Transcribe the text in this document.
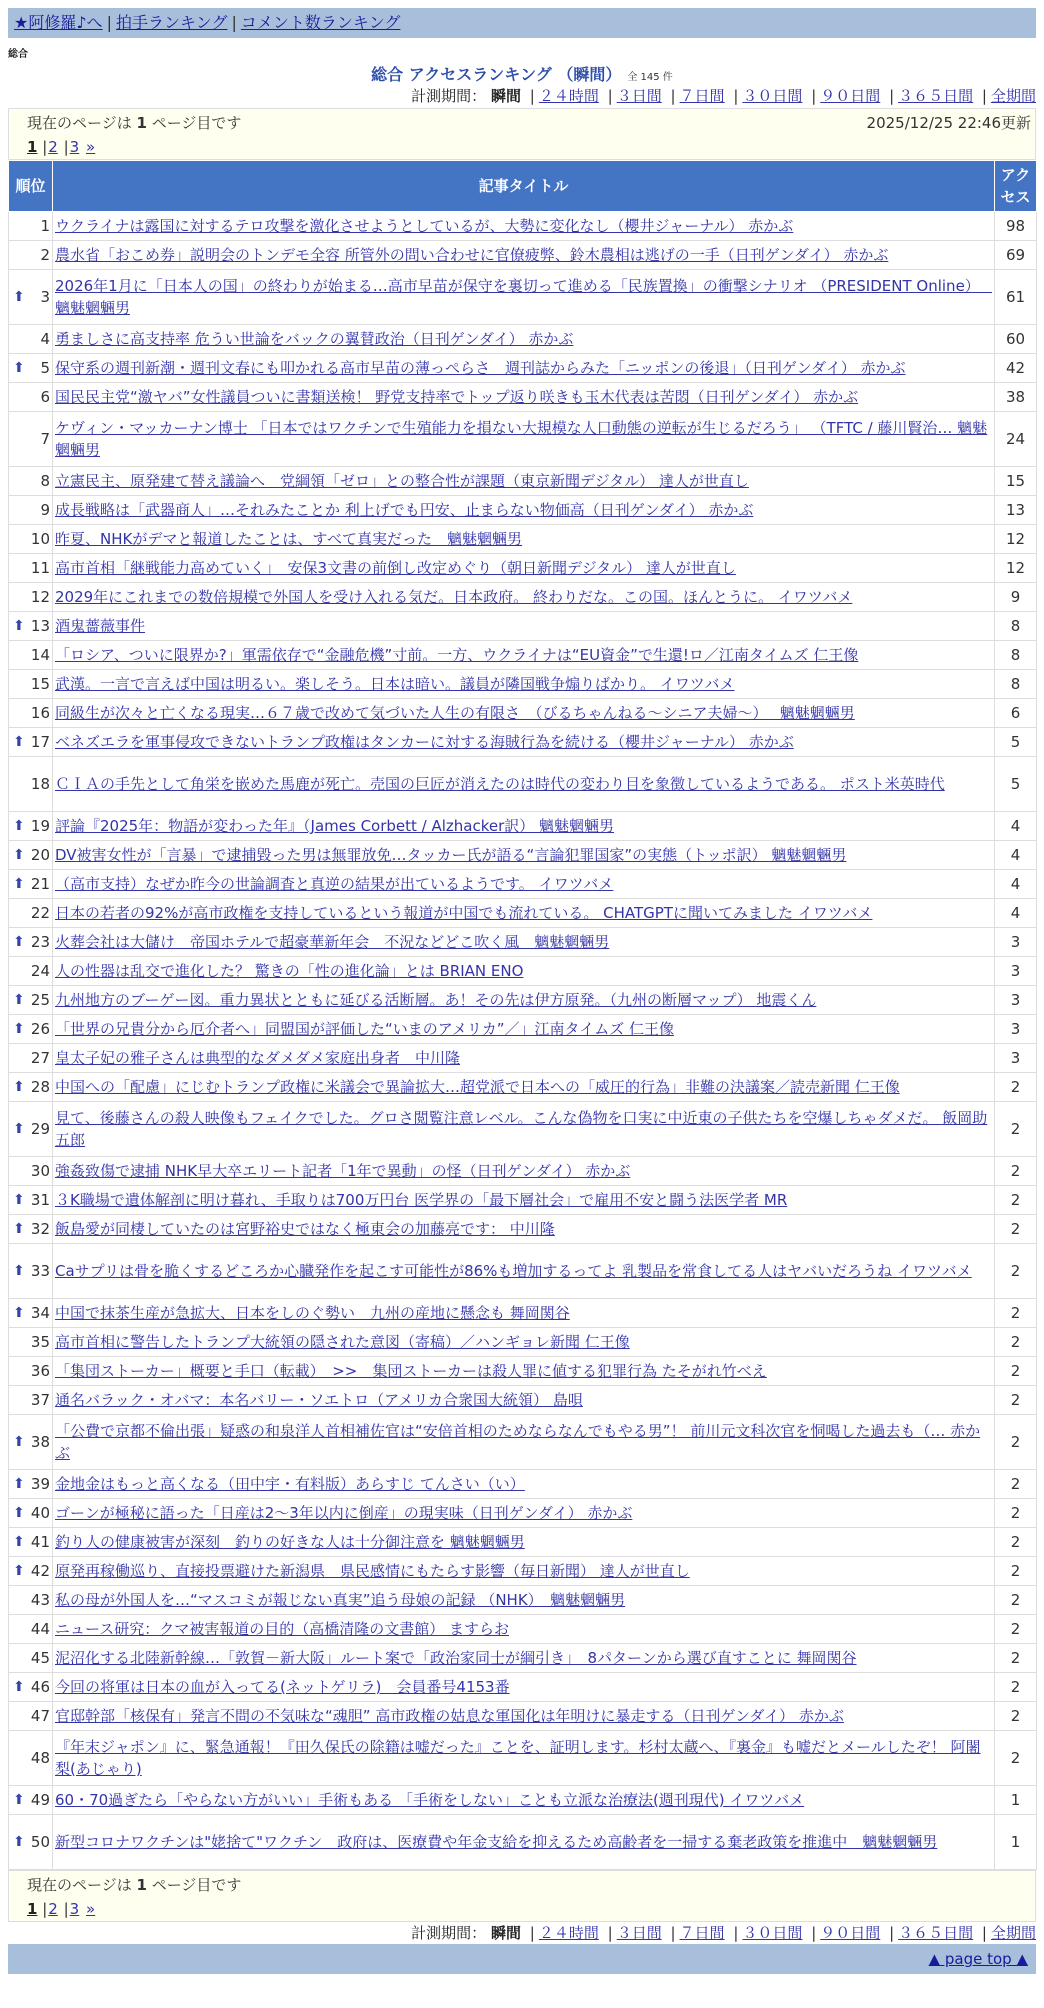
★阿修羅♪へ | 拍手ランキング | コメント数ランキング
総合
総合 アクセスランキング （瞬間） 全 145 件
計測期間： 瞬間 | ２４時間 | ３日間 | ７日間 | ３０日間 | ９０日間 | ３６５日間 | 全期間
現在のページは 1 ページ目です	2025/12/25 22:46更新
1 |2 |3 »
順位	記事タイトル	アクセス
1	ウクライナは露国に対するテロ攻撃を激化させようとしているが、大勢に変化なし（櫻井ジャーナル） 赤かぶ	98
2	農水省「おこめ券」説明会のトンデモ全容 所管外の問い合わせに官僚疲弊、鈴木農相は逃げの一手（日刊ゲンダイ） 赤かぶ	69

⬆ 3	2026年1月に「日本人の国」の終わりが始まる…高市早苗が保守を裏切って進める「民族置換」の衝撃シナリオ （PRESIDENT Online）　 魑魅魍魎男	61
4	勇ましさに高支持率 危うい世論をバックの翼賛政治（日刊ゲンダイ） 赤かぶ	60

⬆ 5	保守系の週刊新潮・週刊文春にも叩かれる高市早苗の薄っぺらさ　週刊誌からみた「ニッポンの後退」（日刊ゲンダイ） 赤かぶ	42
6	国民民主党“激ヤバ”女性議員ついに書類送検！ 野党支持率でトップ返り咲きも玉木代表は苦悶（日刊ゲンダイ） 赤かぶ	38
7	ケヴィン・マッカーナン博士 「日本ではワクチンで生殖能力を損ない大規模な人口動態の逆転が生じるだろう」 （TFTC / 藤川賢治… 魑魅魍魎男	24
8	立憲民主、原発建て替え議論へ　党綱領「ゼロ」との整合性が課題（東京新聞デジタル） 達人が世直し	15
9	成長戦略は「武器商人」…それみたことか 利上げでも円安、止まらない物価高（日刊ゲンダイ） 赤かぶ	13
10	昨夏、NHKがデマと報道したことは、すべて真実だった　魑魅魍魎男	12
11	高市首相「継戦能力高めていく」　安保3文書の前倒し改定めぐり（朝日新聞デジタル） 達人が世直し	12
12	2029年にこれまでの数倍規模で外国人を受け入れる気だ。日本政府。 終わりだな。この国。ほんとうに。 イワツバメ	9

⬆ 13	酒鬼薔薇事件	8
14	「ロシア、ついに限界か?」軍需依存で“金融危機”寸前。一方、ウクライナは“EU資金”で生還!ロ／江南タイムズ 仁王像	8
15	武漢。一言で言えば中国は明るい。楽しそう。日本は暗い。議員が隣国戦争煽りばかり。 イワツバメ	8
16	同級生が次々と亡くなる現実…６７歳で改めて気づいた人生の有限さ　（びるちゃんねる〜シニア夫婦〜）　 魑魅魍魎男	6

⬆ 17	ベネズエラを軍事侵攻できないトランプ政権はタンカーに対する海賊行為を続ける（櫻井ジャーナル） 赤かぶ	5
18	ＣＩＡの手先として角栄を嵌めた馬鹿が死亡。売国の巨匠が消えたのは時代の変わり目を象徴しているようである。 ポスト米英時代	5

⬆ 19	評論『2025年：物語が変わった年』（James Corbett / Alzhacker訳） 魑魅魍魎男	4

⬆ 20	DV被害女性が「言暴」で逮捕毀った男は無罪放免…タッカー氏が語る“言論犯罪国家”の実態（トッポ訳） 魑魅魍魎男	4

⬆ 21	（高市支持）なぜか昨今の世論調査と真逆の結果が出ているようです。 イワツバメ	4
22	日本の若者の92%が高市政権を支持しているという報道が中国でも流れている。 CHATGPTに聞いてみました イワツバメ	4

⬆ 23	火葬会社は大儲け　帝国ホテルで超豪華新年会　不況などどこ吹く風　魑魅魍魎男	3
24	人の性器は乱交で進化した？ 驚きの「性の進化論」とは BRIAN ENO	3

⬆ 25	九州地方のブーゲー図。重力異状とともに延びる活断層。あ！その先は伊方原発。（九州の断層マップ） 地震くん	3

⬆ 26	「世界の兄貴分から厄介者へ」同盟国が評価した“いまのアメリカ”／」江南タイムズ 仁王像	3
27	皇太子妃の雅子さんは典型的なダメダメ家庭出身者　中川隆	3

⬆ 28	中国への「配慮」にじむトランプ政権に米議会で異論拡大…超党派で日本への「威圧的行為」非難の決議案／読売新聞 仁王像	2

⬆ 29	見て、後藤さんの殺人映像もフェイクでした。グロさ閲覧注意レベル。こんな偽物を口実に中近東の子供たちを空爆しちゃダメだ。 飯岡助五郎	2
30	強姦致傷で逮捕 NHK早大卒エリート記者「1年で異動」の怪（日刊ゲンダイ） 赤かぶ	2

⬆ 31	３K職場で遺体解剖に明け暮れ、手取りは700万円台 医学界の「最下層社会」で雇用不安と闘う法医学者 MR	2

⬆ 32	飯島愛が同棲していたのは宮野裕史ではなく極東会の加藤亮です： 中川隆	2

⬆ 33	Caサプリは骨を脆くするどころか心臓発作を起こす可能性が86%も増加するってよ 乳製品を常食してる人はヤバいだろうね イワツバメ	2

⬆ 34	中国で抹茶生産が急拡大、日本をしのぐ勢い　九州の産地に懸念も 舞岡関谷	2
35	高市首相に警告したトランプ大統領の隠された意図（寄稿）／ハンギョレ新聞 仁王像	2
36	「集団ストーカー」概要と手口（転載）　>>　集団ストーカーは殺人罪に値する犯罪行為 たそがれ竹べえ	2
37	通名バラック・オバマ：本名バリー・ソエトロ（アメリカ合衆国大統領） 島唄	2

⬆ 38	「公費で京都不倫出張」疑惑の和泉洋人首相補佐官は“安倍首相のためならなんでもやる男”！ 前川元文科次官を恫喝した過去も（… 赤かぶ	2

⬆ 39	金地金はもっと高くなる（田中宇・有料版）あらすじ てんさい（い）	2

⬆ 40	ゴーンが極秘に語った「日産は2〜3年以内に倒産」の現実味（日刊ゲンダイ） 赤かぶ	2

⬆ 41	釣り人の健康被害が深刻　釣りの好きな人は十分御注意を 魑魅魍魎男	2

⬆ 42	原発再稼働巡り、直接投票避けた新潟県　県民感情にもたらす影響（毎日新聞） 達人が世直し	2
43	私の母が外国人を…“マスコミが報じない真実”追う母娘の記録 （NHK）　魑魅魍魎男	2
44	ニュース研究：クマ被害報道の目的（高橋清隆の文書館） ますらお	2
45	泥沼化する北陸新幹線…「敦賀－新大阪」ルート案で「政治家同士が綱引き」　8パターンから選び直すことに 舞岡関谷	2

⬆ 46	今回の将軍は日本の血が入ってる(ネットゲリラ)　会員番号4153番	2
47	官邸幹部「核保有」発言不問の不気味な“魂胆” 高市政権の姑息な軍国化は年明けに暴走する（日刊ゲンダイ） 赤かぶ	2
48	『年末ジャポン』に、緊急通報！『田久保氏の除籍は嘘だった』ことを、証明します。杉村太蔵へ、『裏金』も嘘だとメールしたぞ！ 阿闍梨(あじゃり)	2

⬆ 49	60・70過ぎたら「やらない方がいい」手術もある 「手術をしない」ことも立派な治療法(週刊現代) イワツバメ	1

⬆ 50	新型コロナワクチンは"姥捨て"ワクチン　政府は、医療費や年金支給を抑えるため高齢者を一掃する棄老政策を推進中　魑魅魍魎男	1
現在のページは 1 ページ目です
1 |2 |3 »
計測期間： 瞬間 | ２４時間 | ３日間 | ７日間 | ３０日間 | ９０日間 | ３６５日間 | 全期間
▲ page top ▲
